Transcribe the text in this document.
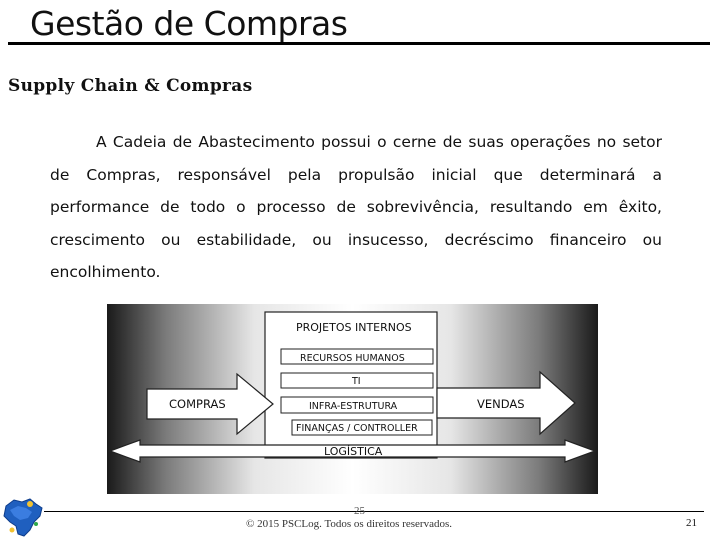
Gestão de Compras
Supply Chain & Compras
A Cadeia de Abastecimento possui o cerne de suas operações no setor de Compras, responsável pela propulsão inicial que determinará a performance de todo o processo de sobrevivência, resultando em êxito, crescimento ou estabilidade, ou insucesso, decréscimo financeiro ou encolhimento.
PROJETOS INTERNOS
COMPRAS	VENDAS
RECURSOS HUMANOS
TI
INFRA-ESTRUTURA
FINANÇAS / CONTROLLER
LOGÍSTICA
25
© 2015 PSCLog. Todos os direitos reservados.	21
